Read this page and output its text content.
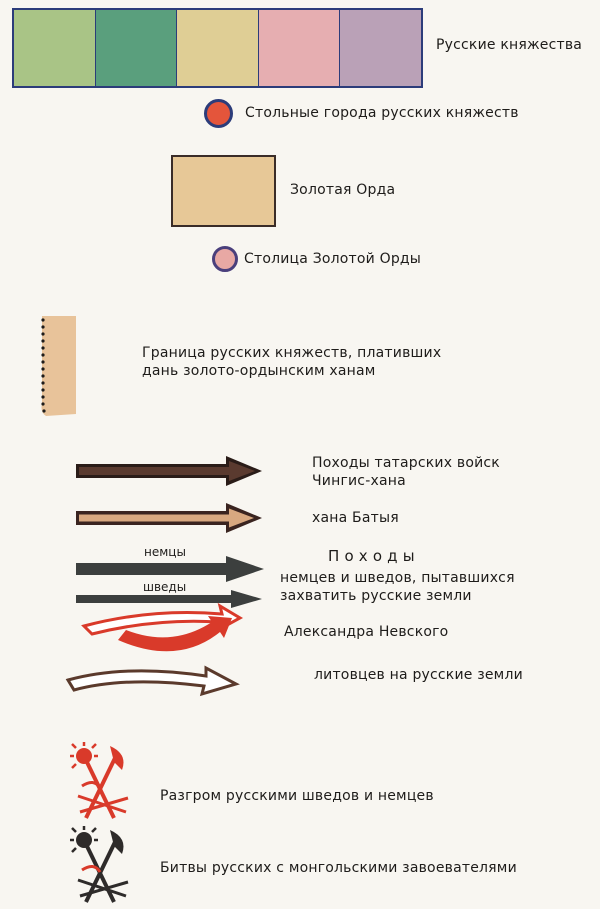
Русские княжества
Стольные города русских княжеств
Золотая Орда
Столица Золотой Орды
Граница русских княжеств, плативших
дань золото-ордынским ханам
Походы татарских войск
Чингис-хана
хана Батыя
немцы
шведы
П о х о д ы
немцев и шведов, пытавшихся
захватить русские земли
Александра Невского
литовцев на русские земли
Разгром русскими шведов и немцев
Битвы русских с монгольскими завоевателями
